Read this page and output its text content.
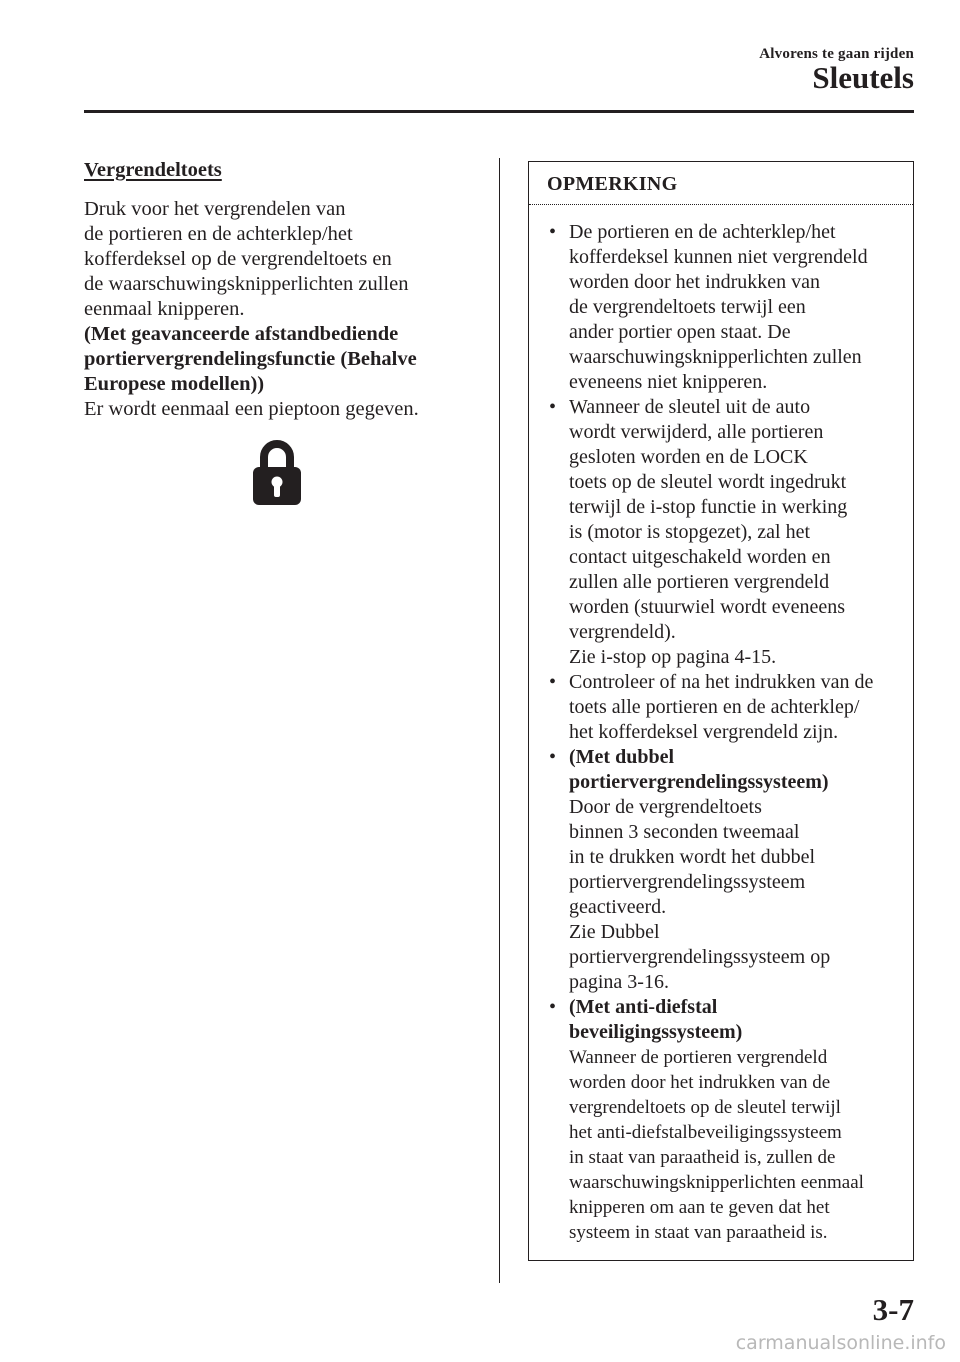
Alvorens te gaan rijden
Sleutels
Vergrendeltoets
Druk voor het vergrendelen van
de portieren en de achterklep/het
kofferdeksel op de vergrendeltoets en
de waarschuwingsknipperlichten zullen
eenmaal knipperen.
(Met geavanceerde afstandbediende
portiervergrendelingsfunctie (Behalve
Europese modellen))
Er wordt eenmaal een pieptoon gegeven.
OPMERKING
• De portieren en de achterklep/het
kofferdeksel kunnen niet vergrendeld
worden door het indrukken van
de vergrendeltoets terwijl een
ander portier open staat. De
waarschuwingsknipperlichten zullen
eveneens niet knipperen.
• Wanneer de sleutel uit de auto
wordt verwijderd, alle portieren
gesloten worden en de LOCK
toets op de sleutel wordt ingedrukt
terwijl de i-stop functie in werking
is (motor is stopgezet), zal het
contact uitgeschakeld worden en
zullen alle portieren vergrendeld
worden (stuurwiel wordt eveneens
vergrendeld).
Zie i-stop op pagina 4-15.
• Controleer of na het indrukken van de
toets alle portieren en de achterklep/
het kofferdeksel vergrendeld zijn.
• (Met dubbel
portiervergrendelingssysteem)
Door de vergrendeltoets
binnen 3 seconden tweemaal
in te drukken wordt het dubbel
portiervergrendelingssysteem
geactiveerd.
Zie Dubbel
portiervergrendelingssysteem op
pagina 3-16.
• (Met anti-diefstal
beveiligingssysteem)
Wanneer de portieren vergrendeld
worden door het indrukken van de
vergrendeltoets op de sleutel terwijl
het anti-diefstalbeveiligingssysteem
in staat van paraatheid is, zullen de
waarschuwingsknipperlichten eenmaal
knipperen om aan te geven dat het
systeem in staat van paraatheid is.
3-7
carmanualsonline.info
